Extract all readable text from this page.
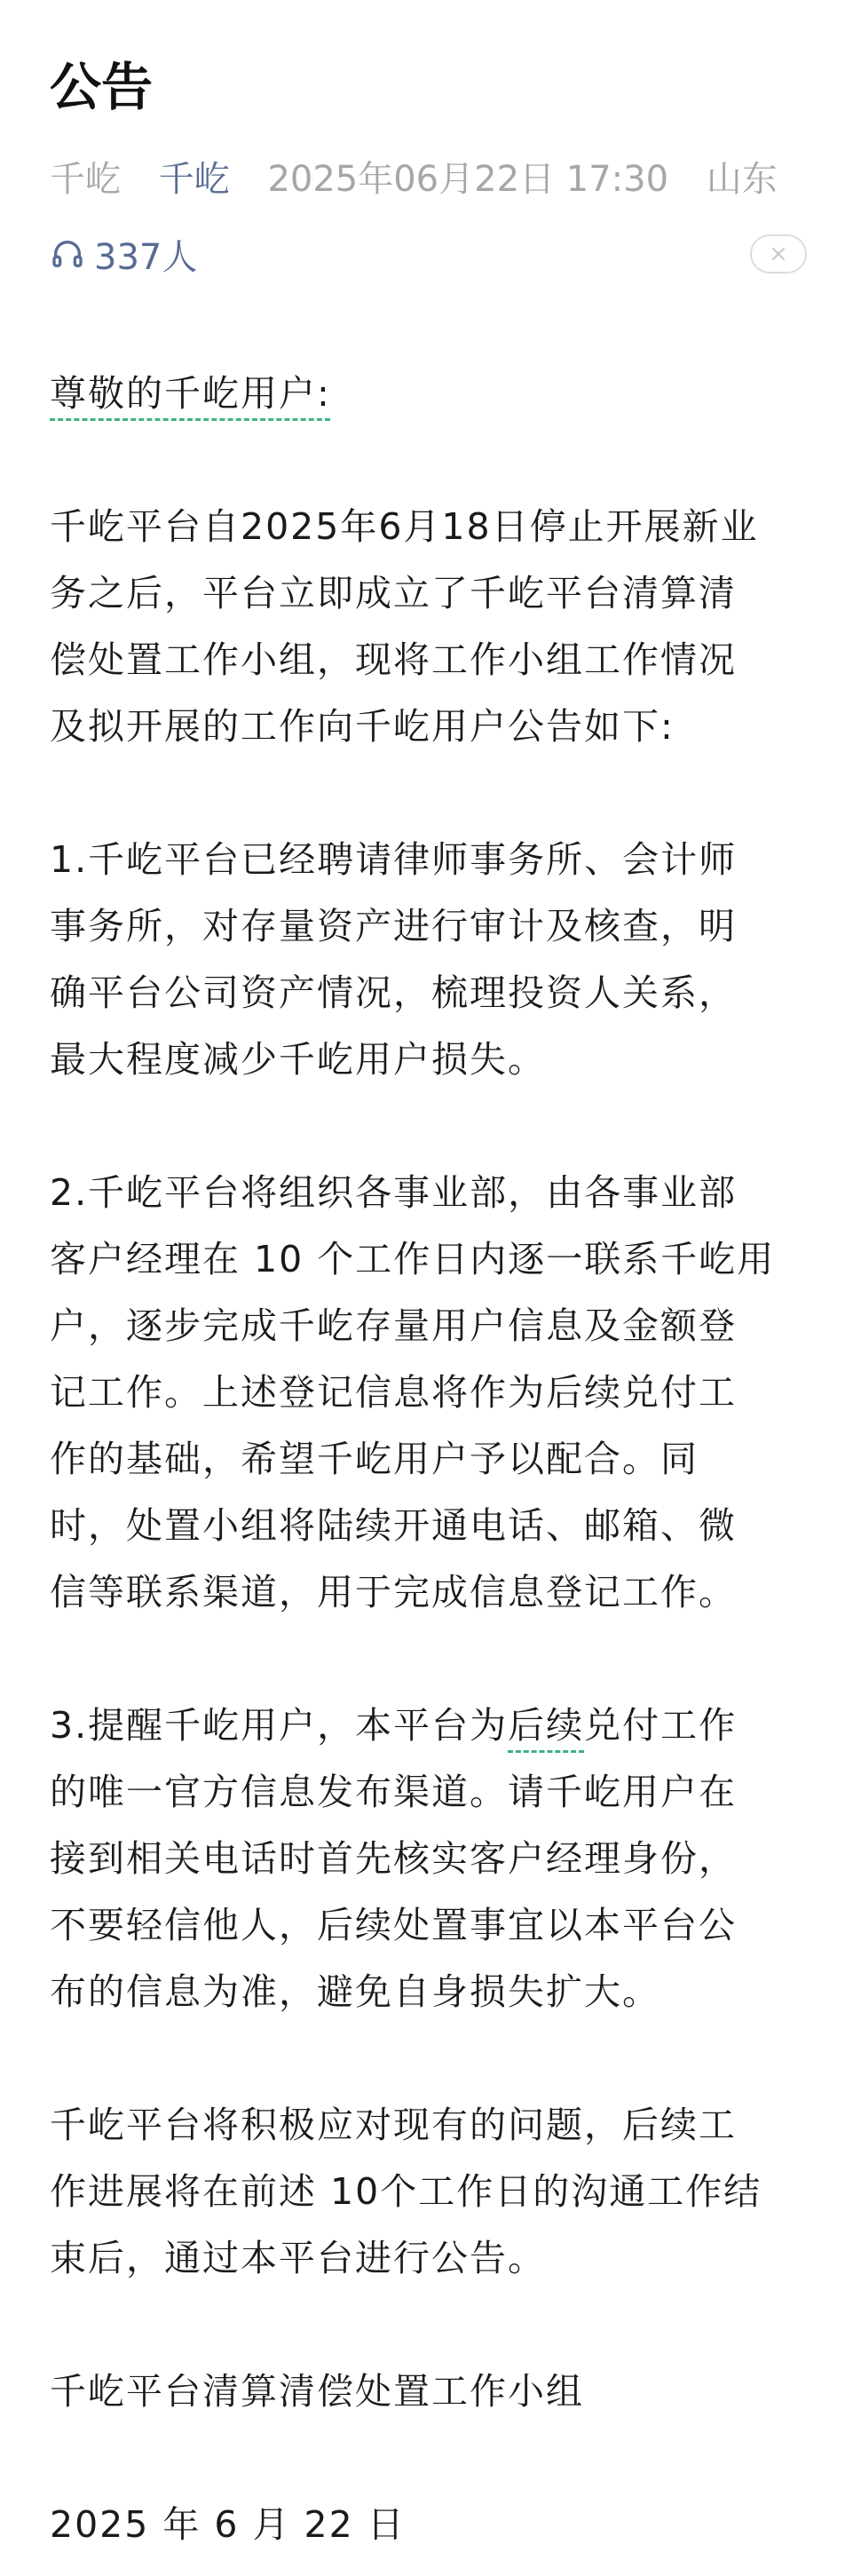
公告
千屹 千屹 2025年06月22日 17:30 山东
337人

尊敬的千屹用户:

千屹平台自2025年6月18日停止开展新业

务之后，平台立即成立了千屹平台清算清

偿处置工作小组，现将工作小组工作情况

及拟开展的工作向千屹用户公告如下:

1.千屹平台已经聘请律师事务所、会计师

事务所，对存量资产进行审计及核查，明

确平台公司资产情况，梳理投资人关系，

最大程度减少千屹用户损失。

2.千屹平台将组织各事业部，由各事业部

客户经理在 10 个工作日内逐一联系千屹用

户，逐步完成千屹存量用户信息及金额登

记工作。上述登记信息将作为后续兑付工

作的基础，希望千屹用户予以配合。同

时，处置小组将陆续开通电话、邮箱、微

信等联系渠道，用于完成信息登记工作。

3.提醒千屹用户，本平台为后续兑付工作

的唯一官方信息发布渠道。请千屹用户在

接到相关电话时首先核实客户经理身份，

不要轻信他人，后续处置事宜以本平台公

布的信息为准，避免自身损失扩大。

千屹平台将积极应对现有的问题，后续工

作进展将在前述 10个工作日的沟通工作结

束后，通过本平台进行公告。

千屹平台清算清偿处置工作小组

2025 年 6 月 22 日
